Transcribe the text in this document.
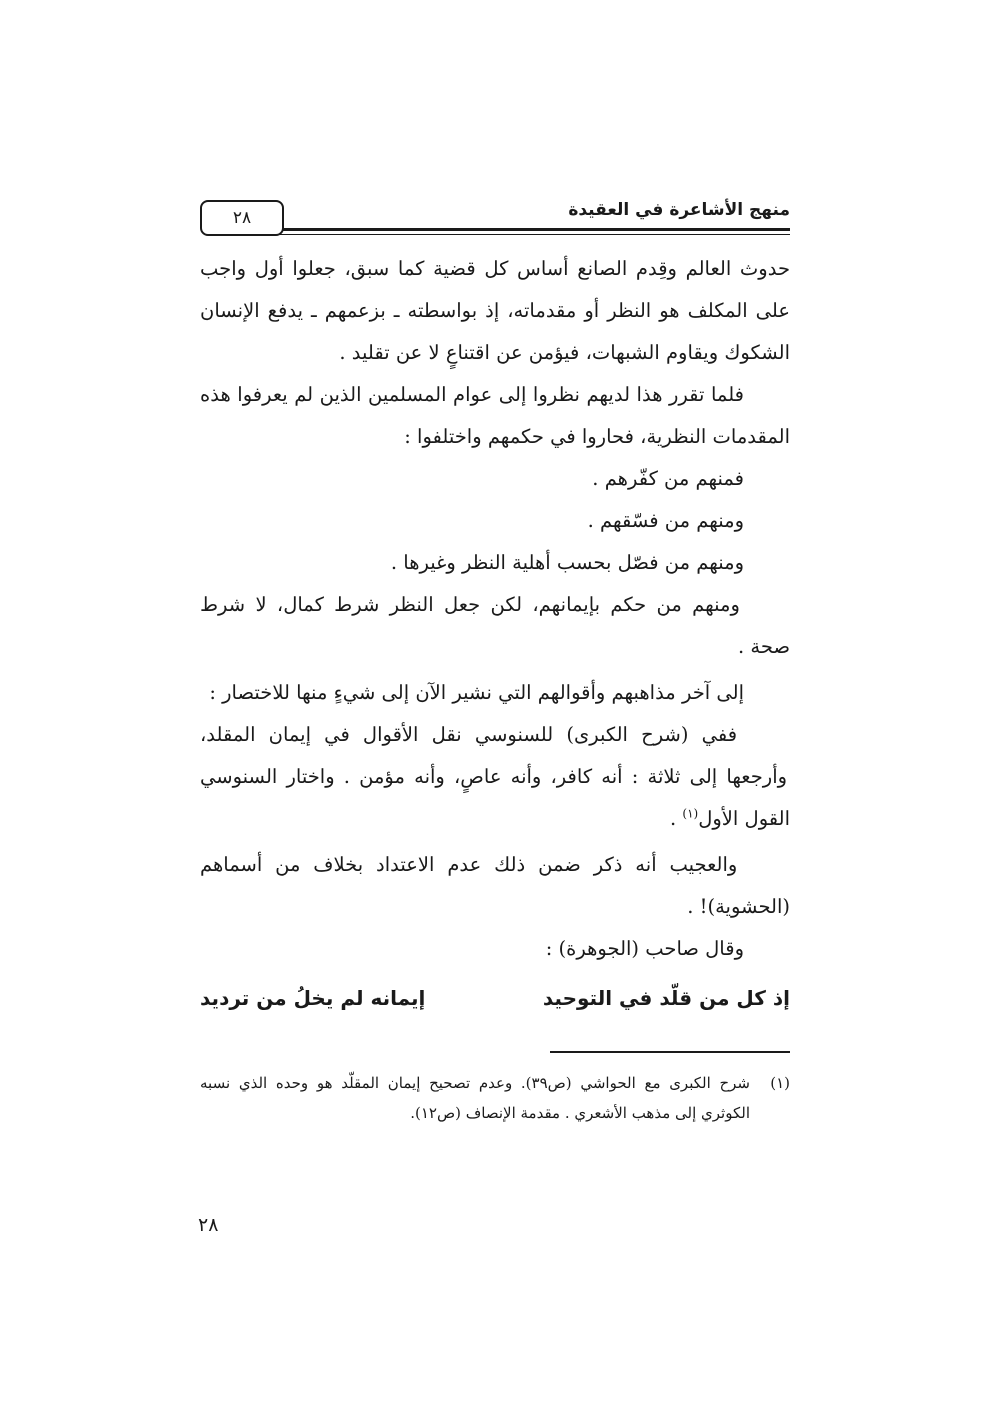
منهج الأشاعرة في العقيدة
٢٨

حدوث العالم وقِدم الصانع أساس كل قضية كما سبق، جعلوا أول واجب على المكلف هو النظر أو مقدماته، إذ بواسطته ـ بزعمهم ـ يدفع الإنسان الشكوك ويقاوم الشبهات، فيؤمن عن اقتناعٍ لا عن تقليد .

فلما تقرر هذا لديهم نظروا إلى عوام المسلمين الذين لم يعرفوا هذه المقدمات النظرية، فحاروا في حكمهم واختلفوا :

فمنهم من كفّرهم .

ومنهم من فسّقهم .

ومنهم من فصّل بحسب أهلية النظر وغيرها .

ومنهم من حكم بإيمانهم، لكن جعل النظر شرط كمال، لا شرط صحة .

إلى آخر مذاهبهم وأقوالهم التي نشير الآن إلى شيءٍ منها للاختصار :

ففي (شرح الكبرى) للسنوسي نقل الأقوال في إيمان المقلد، وأرجعها إلى ثلاثة : أنه كافر، وأنه عاصٍ، وأنه مؤمن . واختار السنوسي القول الأول$^{(١)}$ .

والعجيب أنه ذكر ضمن ذلك عدم الاعتداد بخلاف من أسماهم (الحشوية)! .

وقال صاحب (الجوهرة) :

إذ كل من قلّد في التوحيد
إيمانه لم يخلُ من ترديد
(١)
شرح الكبرى مع الحواشي (ص٣٩). وعدم تصحيح إيمان المقلّد هو وحده الذي نسبه الكوثري إلى مذهب الأشعري . مقدمة الإنصاف (ص١٢).
٢٨
